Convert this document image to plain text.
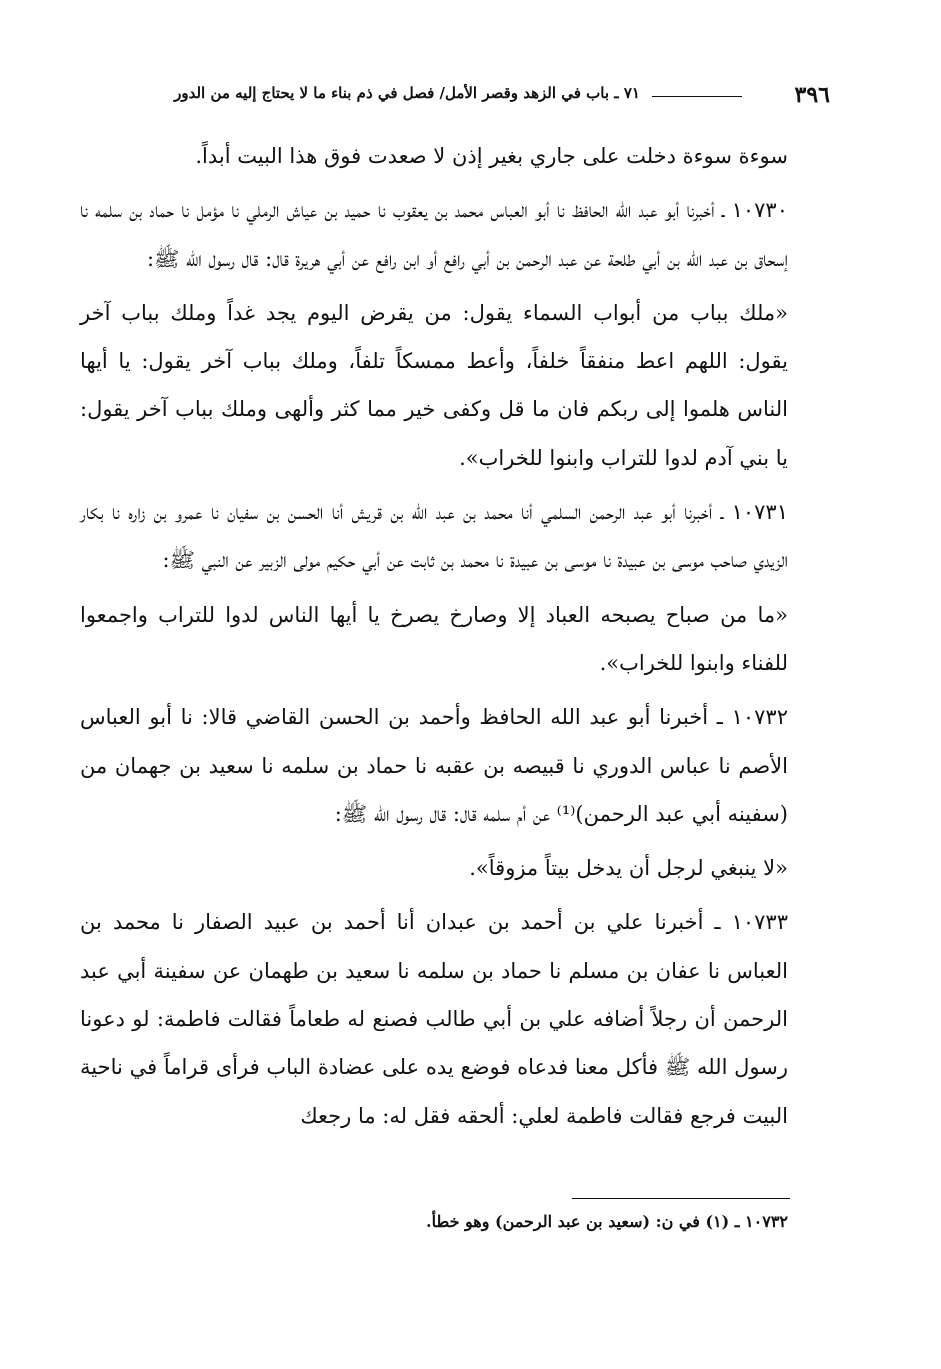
٣٩٦
٧١ ـ باب في الزهد وقصر الأمل/ فصل في ذم بناء ما لا يحتاج إليه من الدور

سوءة سوءة دخلت على جاري بغير إذن لا صعدت فوق هذا البيت أبداً.

١٠٧٣٠ ـ أخبرنا أبو عبد الله الحافظ نا أبو العباس محمد بن يعقوب نا حميد بن عياش الرملي نا مؤمل نا حماد بن سلمه نا إسحاق بن عبد الله بن أبي طلحة عن عبد الرحمن بن أبي رافع أو ابن رافع عن أبي هريرة قال: قال رسول الله ﷺ:

«ملك بباب من أبواب السماء يقول: من يقرض اليوم يجد غداً وملك بباب آخر يقول: اللهم اعط منفقاً خلفاً، وأعط ممسكاً تلفاً، وملك بباب آخر يقول: يا أيها الناس هلموا إلى ربكم فان ما قل وكفى خير مما كثر وألهى وملك بباب آخر يقول: يا بني آدم لدوا للتراب وابنوا للخراب».

١٠٧٣١ ـ أخبرنا أبو عبد الرحمن السلمي أنا محمد بن عبد الله بن قريش أنا الحسن بن سفيان نا عمرو بن زاره نا بكار الزيدي صاحب موسى بن عبيدة نا موسى بن عبيدة نا محمد بن ثابت عن أبي حكيم مولى الزبير عن النبي ﷺ:

«ما من صباح يصبحه العباد إلا وصارخ يصرخ يا أيها الناس لدوا للتراب واجمعوا للفناء وابنوا للخراب».

١٠٧٣٢ ـ أخبرنا أبو عبد الله الحافظ وأحمد بن الحسن القاضي قالا: نا أبو العباس الأصم نا عباس الدوري نا قبيصه بن عقبه نا حماد بن سلمه نا سعيد بن جهمان من (سفينه أبي عبد الرحمن)⁽¹⁾ عن أم سلمه قال: قال رسول الله ﷺ:

«لا ينبغي لرجل أن يدخل بيتاً مزوقاً».

١٠٧٣٣ ـ أخبرنا علي بن أحمد بن عبدان أنا أحمد بن عبيد الصفار نا محمد بن العباس نا عفان بن مسلم نا حماد بن سلمه نا سعيد بن طهمان عن سفينة أبي عبد الرحمن أن رجلاً أضافه علي بن أبي طالب فصنع له طعاماً فقالت فاطمة: لو دعونا رسول الله ﷺ فأكل معنا فدعاه فوضع يده على عضادة الباب فرأى قراماً في ناحية البيت فرجع فقالت فاطمة لعلي: ألحقه فقل له: ما رجعك

١٠٧٣٢ ـ (١) في ن: (سعيد بن عبد الرحمن) وهو خطأ.
